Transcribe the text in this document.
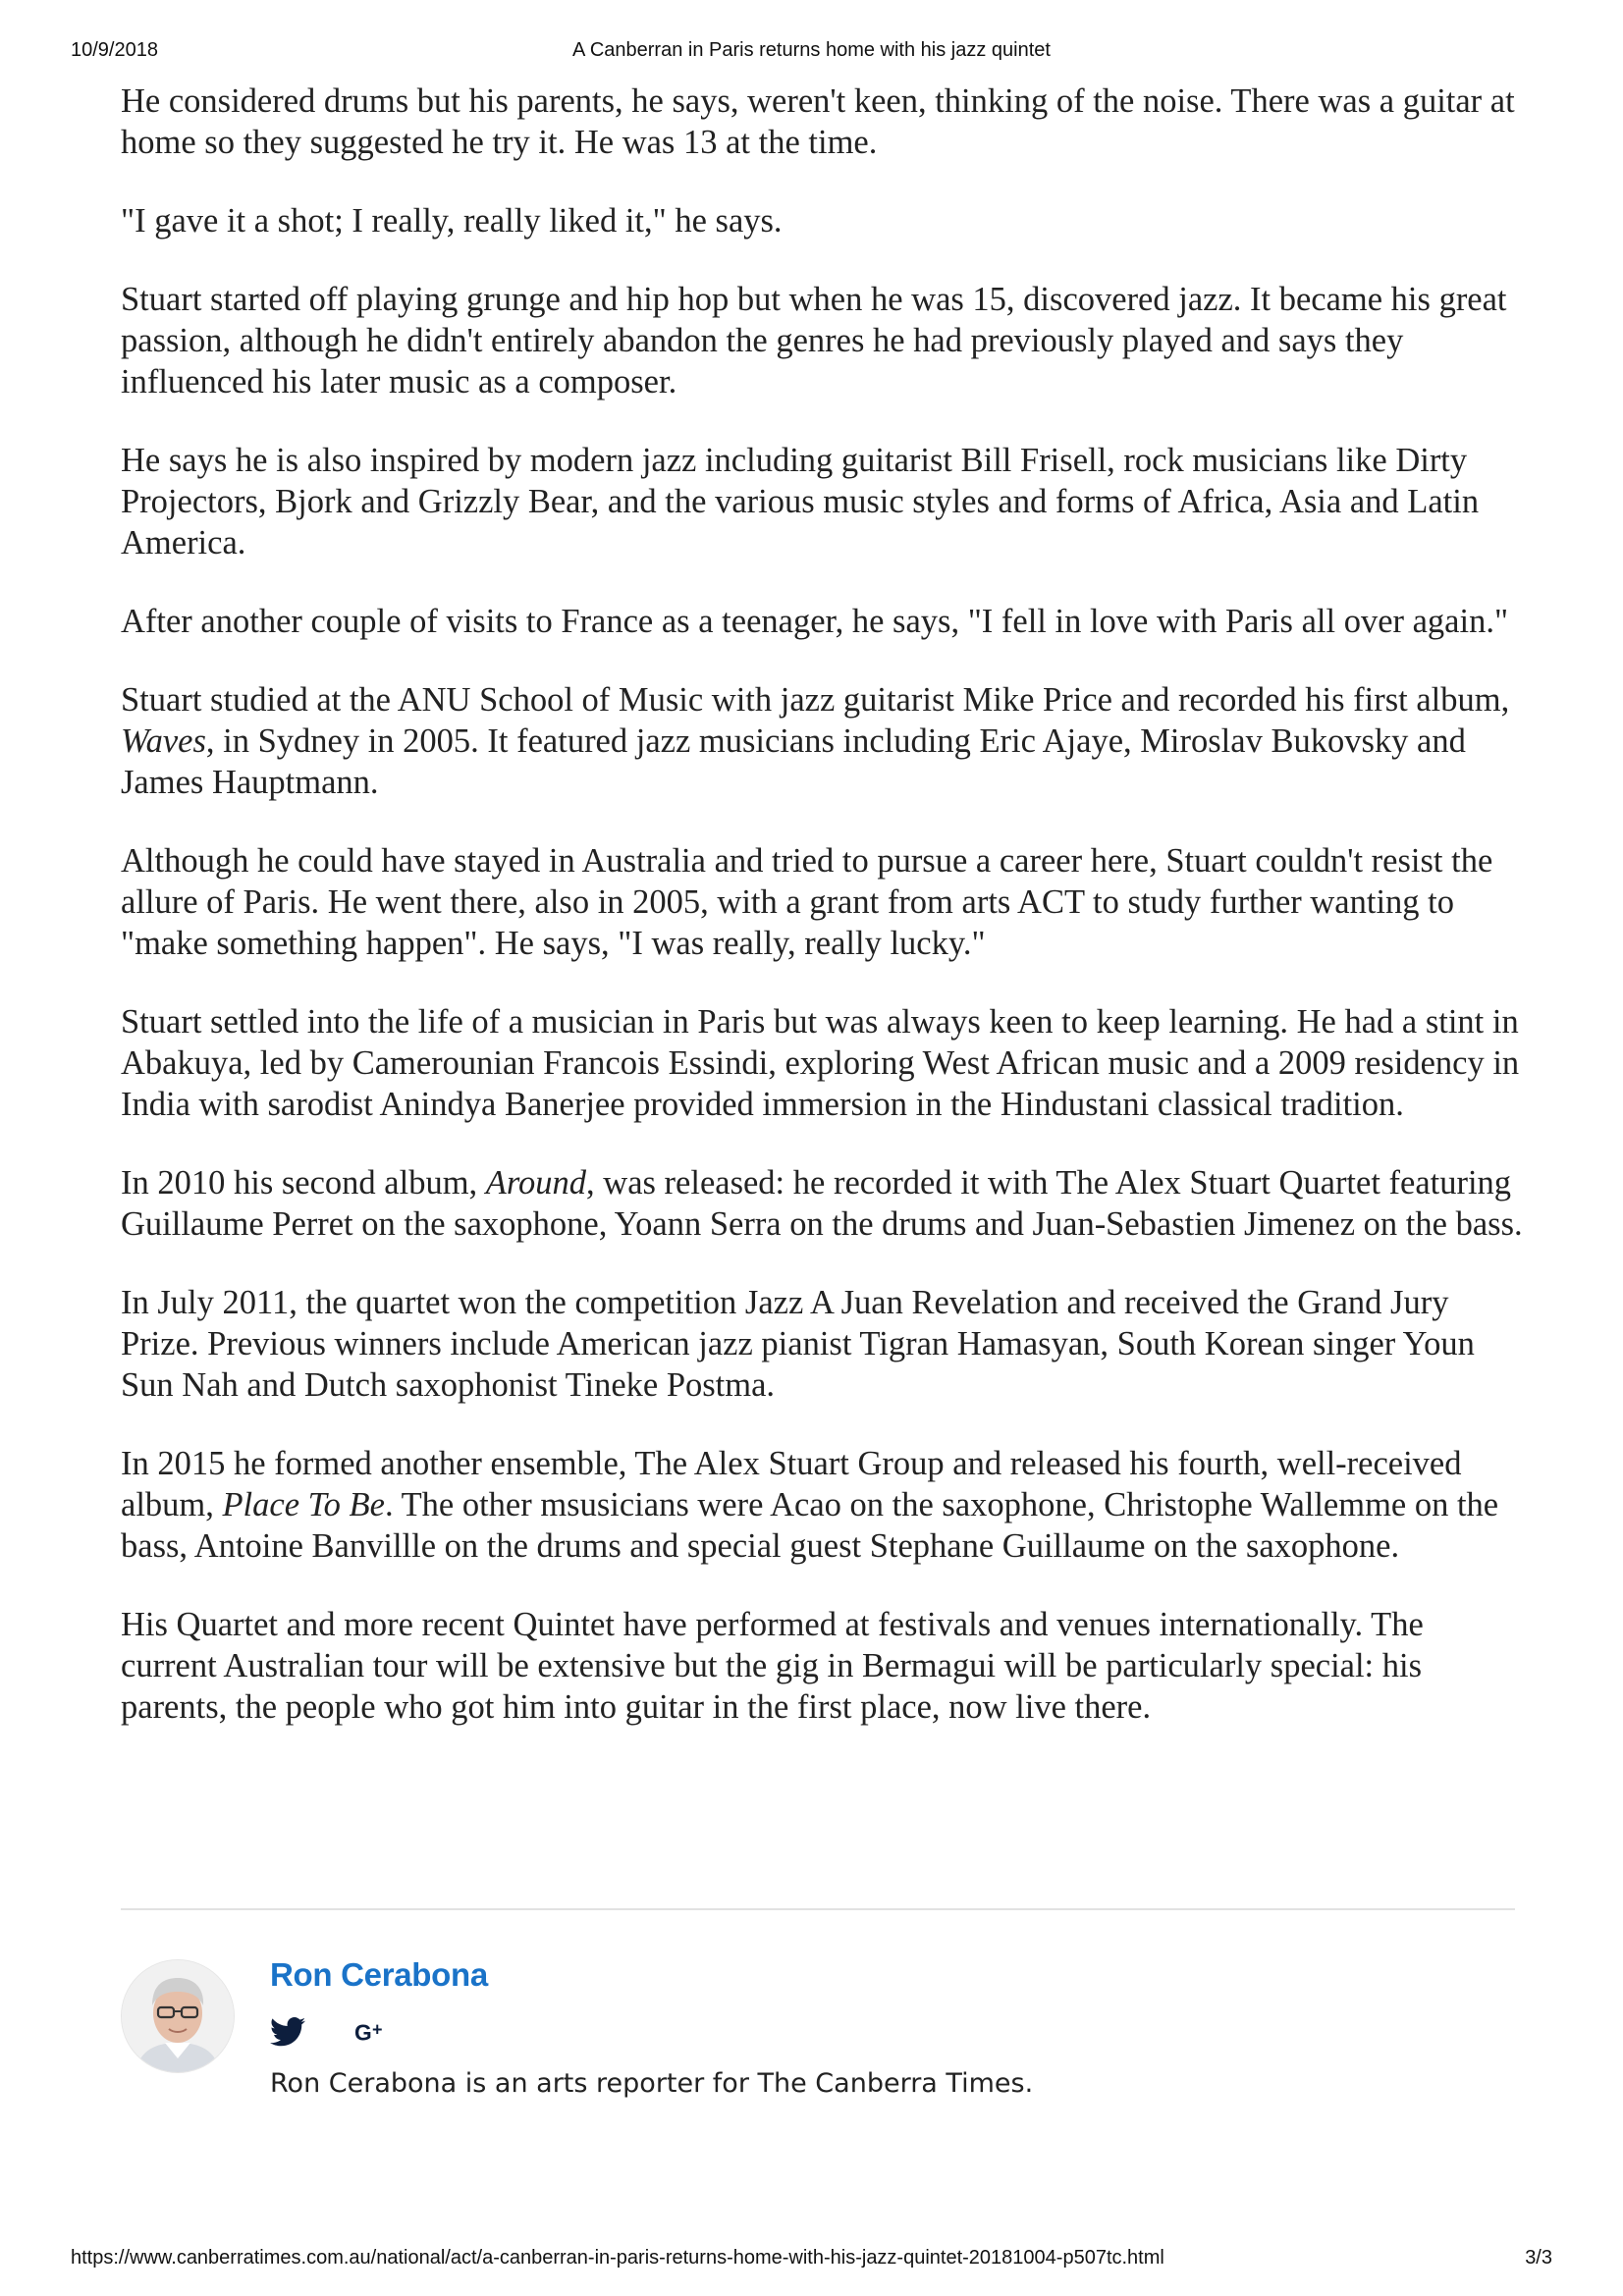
10/9/2018	A Canberran in Paris returns home with his jazz quintet

He considered drums but his parents, he says, weren't keen, thinking of the noise. There was a guitar at home so they suggested he try it. He was 13 at the time.

"I gave it a shot; I really, really liked it," he says.

Stuart started off playing grunge and hip hop but when he was 15, discovered jazz. It became his great passion, although he didn't entirely abandon the genres he had previously played and says they influenced his later music as a composer.

He says he is also inspired by modern jazz including guitarist Bill Frisell, rock musicians like Dirty Projectors, Bjork and Grizzly Bear, and the various music styles and forms of Africa, Asia and Latin America.

After another couple of visits to France as a teenager, he says, "I fell in love with Paris all over again."

Stuart studied at the ANU School of Music with jazz guitarist Mike Price and recorded his first album, Waves, in Sydney in 2005. It featured jazz musicians including Eric Ajaye, Miroslav Bukovsky and James Hauptmann.

Although he could have stayed in Australia and tried to pursue a career here, Stuart couldn't resist the allure of Paris. He went there, also in 2005, with a grant from arts ACT to study further wanting to "make something happen". He says, "I was really, really lucky."

Stuart settled into the life of a musician in Paris but was always keen to keep learning. He had a stint in Abakuya, led by Camerounian Francois Essindi, exploring West African music and a 2009 residency in India with sarodist Anindya Banerjee provided immersion in the Hindustani classical tradition.

In 2010 his second album, Around, was released: he recorded it with The Alex Stuart Quartet featuring Guillaume Perret on the saxophone, Yoann Serra on the drums and Juan-Sebastien Jimenez on the bass.

In July 2011, the quartet won the competition Jazz A Juan Revelation and received the Grand Jury Prize. Previous winners include American jazz pianist Tigran Hamasyan, South Korean singer Youn Sun Nah and Dutch saxophonist Tineke Postma.

In 2015 he formed another ensemble, The Alex Stuart Group and released his fourth, well-received album, Place To Be. The other msusicians were Acao on the saxophone, Christophe Wallemme on the bass, Antoine Banvillle on the drums and special guest Stephane Guillaume on the saxophone.

His Quartet and more recent Quintet have performed at festivals and venues internationally. The current Australian tour will be extensive but the gig in Bermagui will be particularly special: his parents, the people who got him into guitar in the first place, now live there.

Ron Cerabona
G +
Ron Cerabona is an arts reporter for The Canberra Times.
https://www.canberratimes.com.au/national/act/a-canberran-in-paris-returns-home-with-his-jazz-quintet-20181004-p507tc.html	3/3
